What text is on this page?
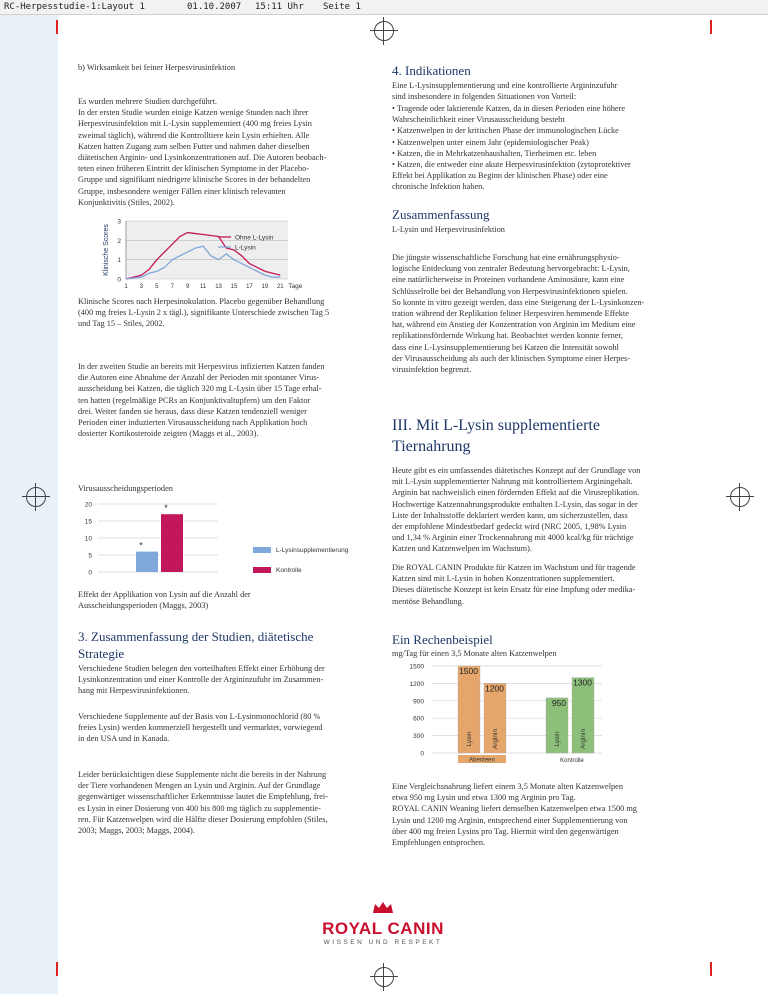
RC-Herpesstudie-1:Layout 1	01.10.2007 15:11 Uhr Seite 1

b) Wirksamkeit bei feiner Herpesvirusinfektion

Es wurden mehrere Studien durchgeführt.
In der ersten Studie wurden einige Katzen wenige Stunden nach ihrer
Herpesvirusinfektion mit L-Lysin supplementiert (400 mg freies Lysin
zweimal täglich), während die Kontrolltiere kein Lysin erhielten. Alle
Katzen hatten Zugang zum selben Futter und nahmen daher dieselben
diätetischen Arginin- und Lysinkonzentrationen auf. Die Autoren beobach-
teten einen früheren Eintritt der klinischen Symptome in der Placebo-
Gruppe und signifikant niedrigere klinische Scores in der behandelten
Gruppe, insbesondere weniger Fällen einer klinisch relevanten
Konjunktivitis (Stiles, 2002).
0
1
2
3
Klinische Scores
1 3 5 7 9 11 13 15 17 19 21 Tage
Ohne L-Lysin
L-Lysin
Klinische Scores nach Herpesinokulation. Placebo gegenüber Behandlung
(400 mg freies L-Lysin 2 x tägl.), signifikante Unterschiede zwischen Tag 5
und Tag 15 – Stiles, 2002.
In der zweiten Studie an bereits mit Herpesvirus infizierten Katzen fanden
die Autoren eine Abnahme der Anzahl der Perioden mit spontaner Virus-
ausscheidung bei Katzen, die täglich 320 mg L-Lysin über 15 Tage erhal-
ten hatten (regelmäßige PCRs an Konjunktivaltupfern) um den Faktor
drei. Weiter fanden sie heraus, dass diese Katzen tendenziell weniger
Perioden einer induzierten Virusausscheidung nach Applikation hoch
dosierter Kortikosteroide zeigten (Maggs et al., 2003).
Virusausscheidungsperioden
0
5
10
15
20
*
*
L-Lysinsupplementierung
Kontrolle
Effekt der Applikation von Lysin auf die Anzahl der
Ausscheidungsperioden (Maggs, 2003)
3. Zusammenfassung der Studien, diätetische
Strategie
Verschiedene Studien belegen den vorteilhaften Effekt einer Erhöhung der
Lysinkonzentration und einer Kontrolle der Argininzufuhr im Zusammen-
hang mit Herpesvirusinfektionen.
Verschiedene Supplemente auf der Basis von L-Lysinmonochlorid (80 %
freies Lysin) werden kommerziell hergestellt und vermarktet, vorwiegend
in den USA und in Kanada.
Leider berücksichtigen diese Supplemente nicht die bereits in der Nahrung
der Tiere vorhandenen Mengen an Lysin und Arginin. Auf der Grundlage
gegenwärtiger wissenschaftlicher Erkenntnisse lautet die Empfehlung, frei-
es Lysin in einer Dosierung von 400 bis 800 mg täglich zu supplementie-
ren. Für Katzenwelpen wird die Hälfte dieser Dosierung empfohlen (Stiles,
2003; Maggs, 2003; Maggs, 2004).
4. Indikationen
Eine L-Lysinsupplementierung und eine kontrollierte Argininzufuhr
sind insbesondere in folgenden Situationen von Vorteil:
• Tragende oder laktierende Katzen, da in diesen Perioden eine höhere
Wahrscheinlichkeit einer Virusausscheidung besteht
• Katzenwelpen in der kritischen Phase der immunologischen Lücke
• Katzenwelpen unter einem Jahr (epidemiologischer Peak)
• Katzen, die in Mehrkatzenhaushalten, Tierheimen etc. leben
• Katzen, die entweder eine akute Herpesvirusinfektion (zytoprotektiver
Effekt bei Applikation zu Beginn der klinischen Phase) oder eine
chronische Infektion haben.
Zusammenfassung
L-Lysin und Herpesvirusinfektion
Die jüngste wissenschaftliche Forschung hat eine ernährungsphysio-
logische Entdeckung von zentraler Bedeutung hervorgebracht: L-Lysin,
eine natürlicherweise in Proteinen vorhandene Aminosäure, kann eine
Schlüsselrolle bei der Behandlung von Herpesvirusinfektionen spielen.
So konnte in vitro gezeigt werden, dass eine Steigerung der L-Lysinkonzen-
tration während der Replikation feliner Herpesviren hemmende Effekte
hat, während ein Anstieg der Konzentration von Arginin im Medium eine
replikationsfördernde Wirkung hat. Beobachtet werden konnte ferner,
dass eine L-Lysinsupplementierung bei Katzen die Intensität sowohl
der Virusausscheidung als auch der klinischen Symptome einer Herpes-
virusinfektion begrenzt.
III. Mit L-Lysin supplementierte
Tiernahrung
Heute gibt es ein umfassendes diätetisches Konzept auf der Grundlage von
mit L-Lysin supplementierter Nahrung mit kontrolliertem Arginingehalt.
Arginin hat nachweislich einen fördernden Effekt auf die Virusreplikation.
Hochwertige Katzennahrungsprodukte enthalten L-Lysin, das sogar in der
Liste der Inhaltsstoffe deklariert werden kann, um sicherzustellen, dass
der empfohlene Mindestbedarf gedeckt wird (NRC 2005, 1,98% Lysin
und 1,34 % Arginin einer Trockennahrung mit 4000 kcal/kg für trächtige
Katzen und Katzenwelpen im Wachstum).
Die ROYAL CANIN Produkte für Katzen im Wachstum und für tragende
Katzen sind mit L-Lysin in hohen Konzentrationen supplementiert.
Dieses diätetische Konzept ist kein Ersatz für eine Impfung oder medika-
mentöse Behandlung.
Ein Rechenbeispiel
mg/Tag für einen 3,5 Monate alten Katzenwelpen
0
300
600
900
1200
1500
Lysin
1500
Arginin
1200
Lysin
950
Arginin
1300
Abenteen	Kontrolle
Eine Vergleichsnahrung liefert einem 3,5 Monate alten Katzenwelpen
etwa 950 mg Lysin und etwa 1300 mg Arginin pro Tag.
ROYAL CANIN Weaning liefert demselben Katzenwelpen etwa 1500 mg
Lysin und 1200 mg Arginin, entsprechend einer Supplementierung von
über 400 mg freien Lysins pro Tag. Hiermit wird den gegenwärtigen
Empfehlungen entsprochen.
ROYAL CANIN
WISSEN UND RESPEKT
